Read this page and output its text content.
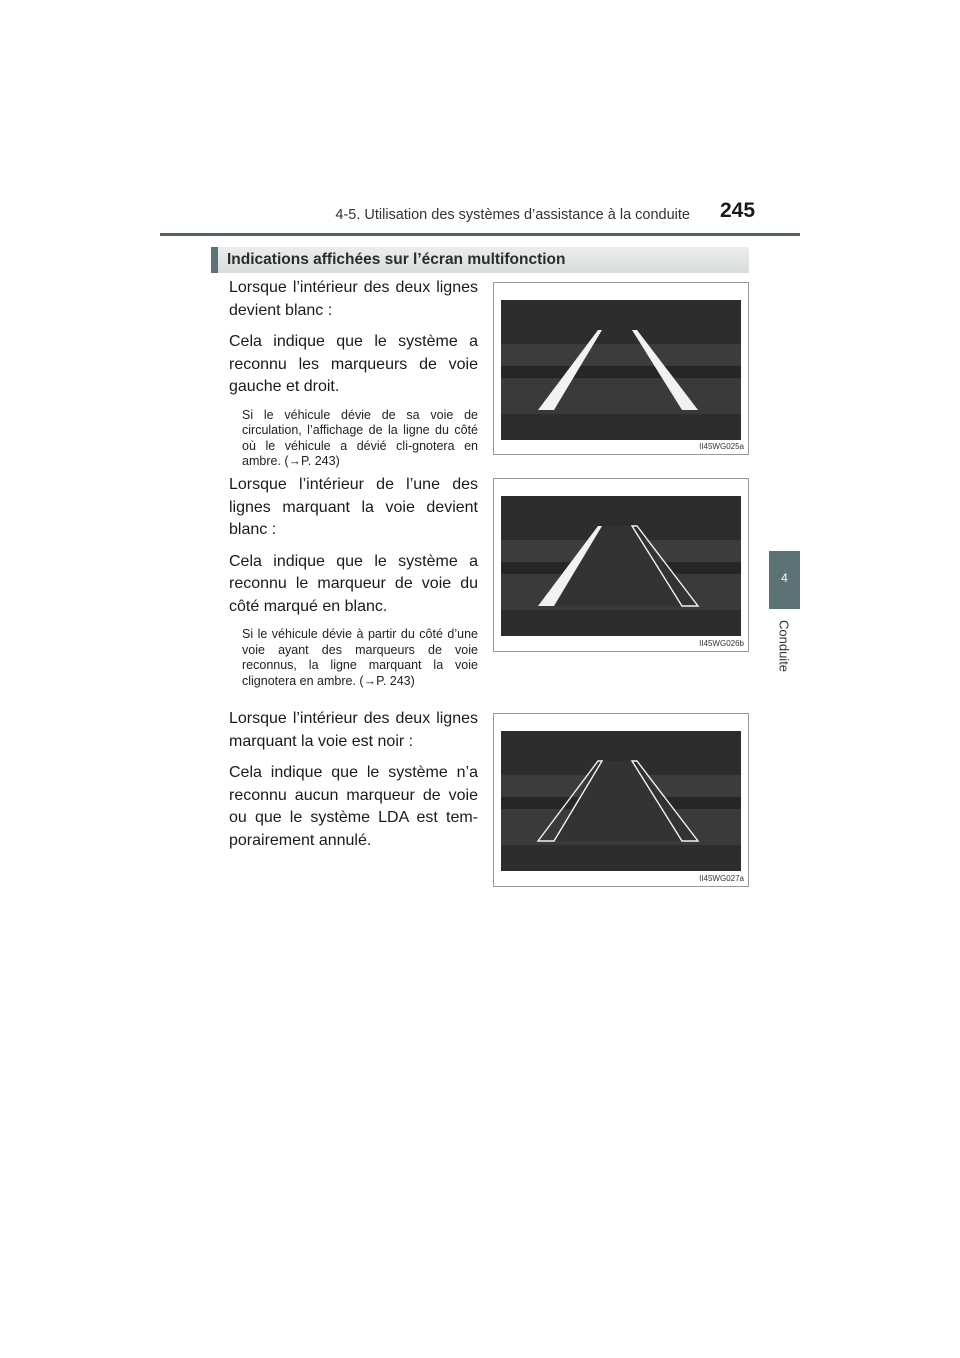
4-5. Utilisation des systèmes d’assistance à la conduite 245
4
Conduite
Indications affichées sur l’écran multifonction

Lorsque l’intérieur des deux lignes devient blanc :

Cela indique que le système a reconnu les marqueurs de voie gauche et droit.

Si le véhicule dévie de sa voie de circulation, l’affichage de la ligne du côté où le véhicule a dévié cli-gnotera en ambre. (→P. 243)

II45WG025a

Lorsque l’intérieur de l’une des lignes marquant la voie devient blanc :

Cela indique que le système a reconnu le marqueur de voie du côté marqué en blanc.

Si le véhicule dévie à partir du côté d’une voie ayant des marqueurs de voie reconnus, la ligne marquant la voie clignotera en ambre. (→P. 243)

II45WG026b

Lorsque l’intérieur des deux lignes marquant la voie est noir :

Cela indique que le système n’a reconnu aucun marqueur de voie ou que le système LDA est tem-porairement annulé.

II45WG027a
